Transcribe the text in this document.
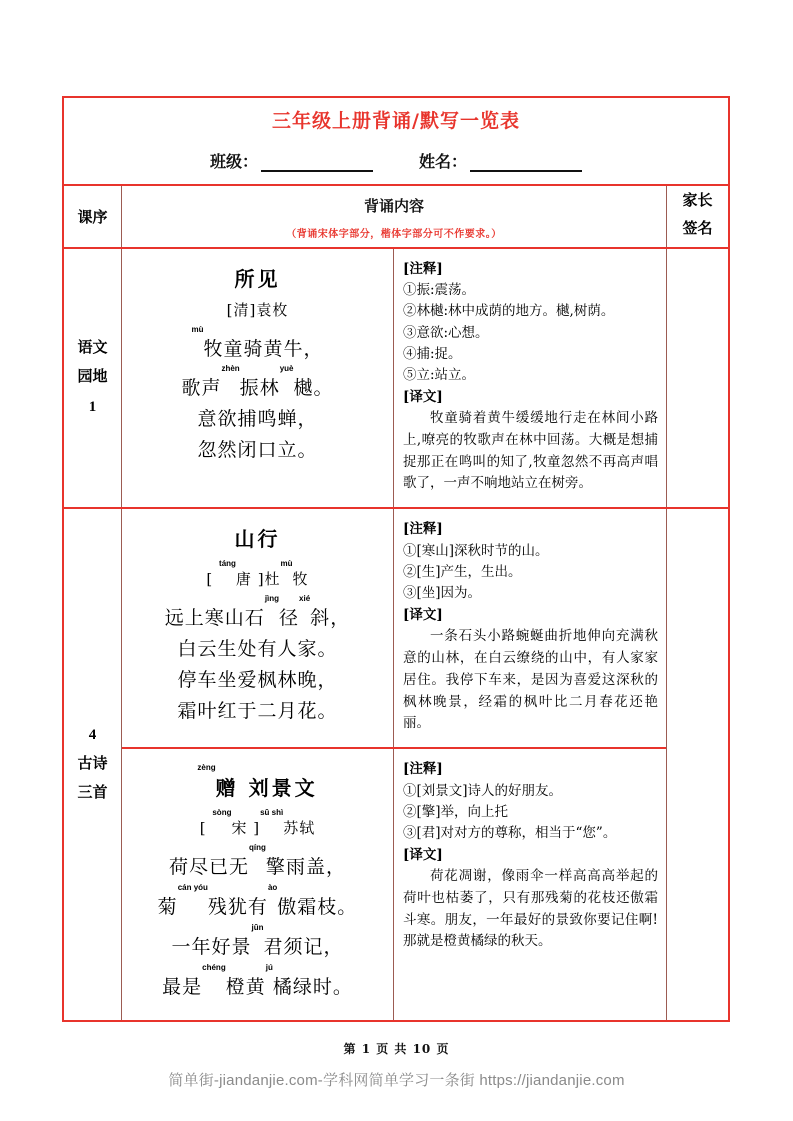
三年级上册背诵/默写一览表
班级：	姓名：
课序
背诵内容
（背诵宋体字部分，楷体字部分可不作要求。）
家长
签名
语文
园地
1
所见
[清]袁枚
mù牧童骑黄牛，
歌声zhèn振林yuè樾。
意欲捕鸣蝉，
忽然闭口立。
[注释]
①振:震荡。
②林樾:林中成荫的地方。樾,树荫。
③意欲:心想。
④捕:捉。
⑤立:站立。
[译文]
牧童骑着黄牛缓缓地行走在林间小路上,嘹亮的牧歌声在林中回荡。大概是想捕捉那正在鸣叫的知了,牧童忽然不再高声唱歌了，一声不响地站立在树旁。
4
古诗
三首
山行
[ táng唐 ]杜mù牧
远上寒山石jìng径xié斜，
白云生处有人家。
停车坐爱枫林晚，
霜叶红于二月花。
[注释]
①[寒山]深秋时节的山。
②[生]产生，生出。
③[坐]因为。
[译文]
一条石头小路蜿蜒曲折地伸向充满秋意的山林，在白云缭绕的山中，有人家家居住。我停下车来，是因为喜爱这深秋的枫林晚景，经霜的枫叶比二月春花还艳丽。
zèng赠 刘景文
[ sòng宋 ]sū shì苏轼
荷尽已无qíng擎雨盖，
菊cán yóu残犹有ào傲霜枝。
一年好景jūn君须记，
最是chéng橙黄jú橘绿时。
[注释]
①[刘景文]诗人的好朋友。
②[擎]举，向上托
③[君]对对方的尊称，相当于“您”。
[译文]
荷花凋谢，像雨伞一样高高高举起的荷叶也枯萎了，只有那残菊的花枝还傲霜　斗寒。朋友，一年最好的景致你要记住啊!那就是橙黄橘绿的秋天。
第 1 页 共 10 页
简单街-jiandanjie.com-学科网简单学习一条街 https://jiandanjie.com
